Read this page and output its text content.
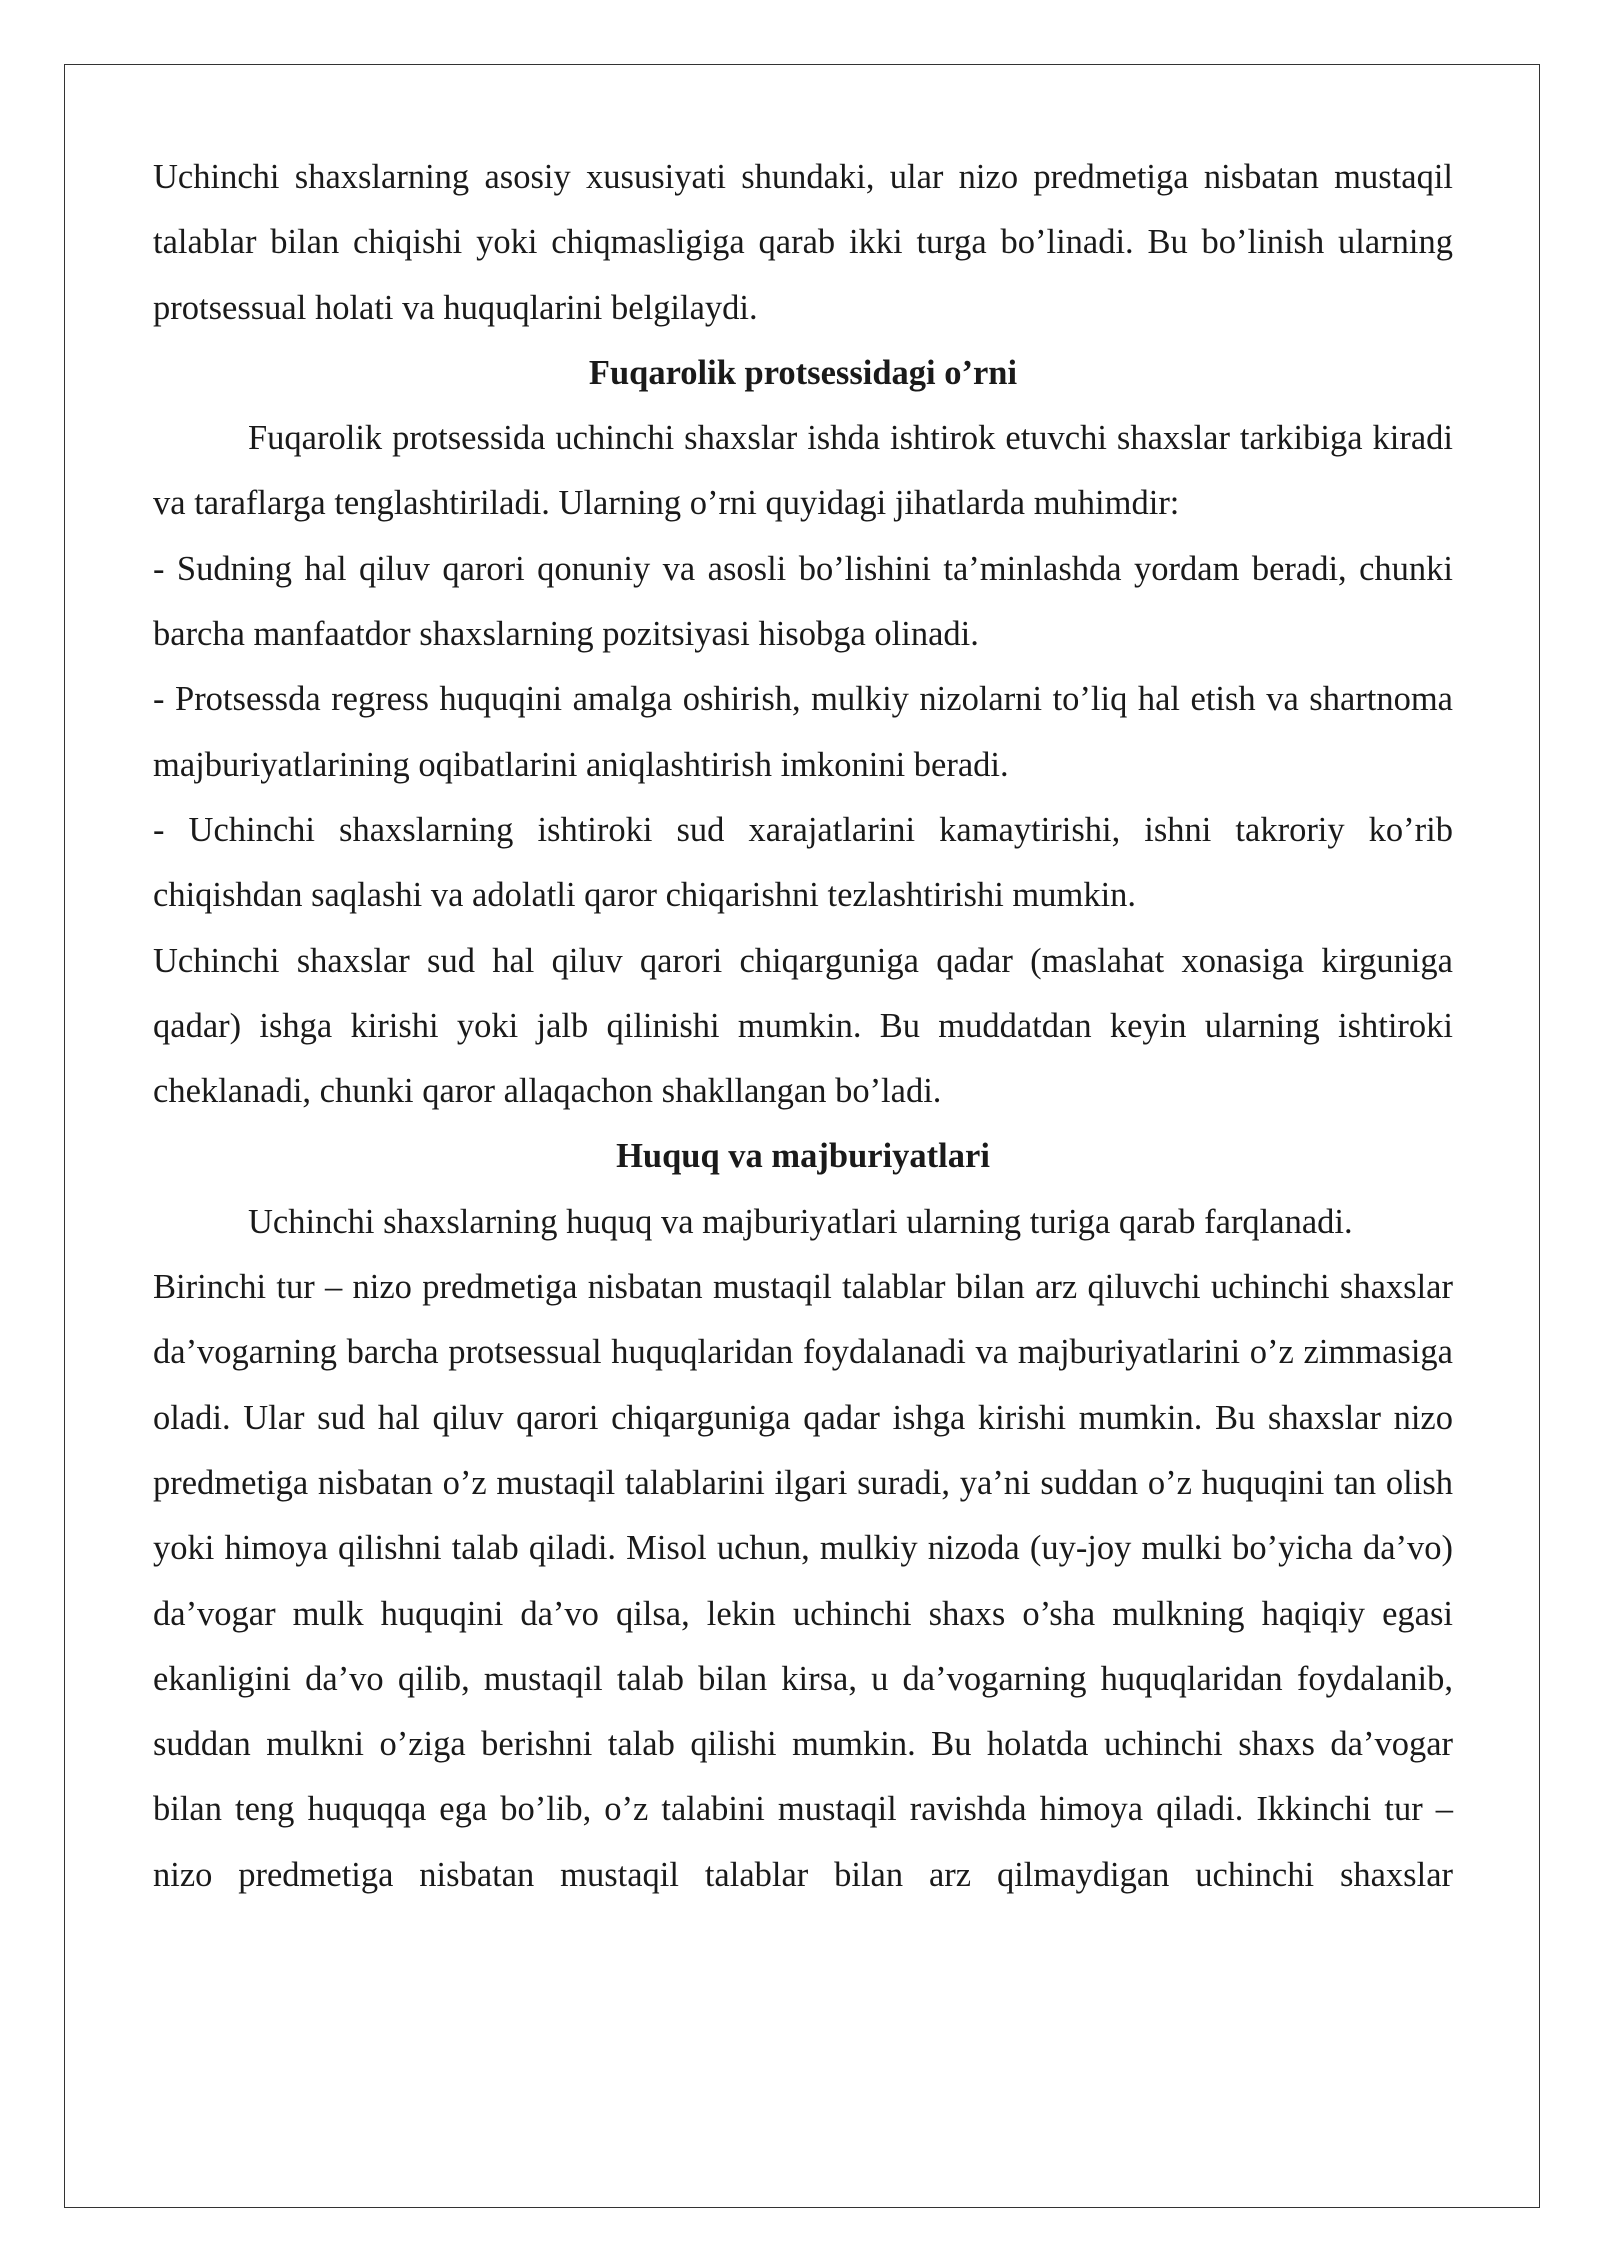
Uchinchi shaxslarning asosiy xususiyati shundaki, ular nizo predmetiga nisbatan mustaqil talablar bilan chiqishi yoki chiqmasligiga qarab ikki turga bo’linadi. Bu bo’linish ularning protsessual holati va huquqlarini belgilaydi.

Fuqarolik protsessidagi o’rni

Fuqarolik protsessida uchinchi shaxslar ishda ishtirok etuvchi shaxslar tarkibiga kiradi va taraflarga tenglashtiriladi. Ularning o’rni quyidagi jihatlarda muhimdir:

- Sudning hal qiluv qarori qonuniy va asosli bo’lishini ta’minlashda yordam beradi, chunki barcha manfaatdor shaxslarning pozitsiyasi hisobga olinadi.

- Protsessda regress huquqini amalga oshirish, mulkiy nizolarni to’liq hal etish va shartnoma majburiyatlarining oqibatlarini aniqlashtirish imkonini beradi.

- Uchinchi shaxslarning ishtiroki sud xarajatlarini kamaytirishi, ishni takroriy ko’rib chiqishdan saqlashi va adolatli qaror chiqarishni tezlashtirishi mumkin.

Uchinchi shaxslar sud hal qiluv qarori chiqarguniga qadar (maslahat xonasiga kirguniga qadar) ishga kirishi yoki jalb qilinishi mumkin. Bu muddatdan keyin ularning ishtiroki cheklanadi, chunki qaror allaqachon shakllangan bo’ladi.

Huquq va majburiyatlari

Uchinchi shaxslarning huquq va majburiyatlari ularning turiga qarab farqlanadi.

Birinchi tur – nizo predmetiga nisbatan mustaqil talablar bilan arz qiluvchi uchinchi shaxslar da’vogarning barcha protsessual huquqlaridan foydalanadi va majburiyatlarini o’z zimmasiga oladi. Ular sud hal qiluv qarori chiqarguniga qadar ishga kirishi mumkin. Bu shaxslar nizo predmetiga nisbatan o’z mustaqil talablarini ilgari suradi, ya’ni suddan o’z huquqini tan olish yoki himoya qilishni talab qiladi. Misol uchun, mulkiy nizoda (uy-joy mulki bo’yicha da’vo) da’vogar mulk huquqini da’vo qilsa, lekin uchinchi shaxs o’sha mulkning haqiqiy egasi ekanligini da’vo qilib, mustaqil talab bilan kirsa, u da’vogarning huquqlaridan foydalanib, suddan mulkni o’ziga berishni talab qilishi mumkin. Bu holatda uchinchi shaxs da’vogar bilan teng huquqqa ega bo’lib, o’z talabini mustaqil ravishda himoya qiladi. Ikkinchi tur – nizo predmetiga nisbatan mustaqil talablar bilan arz qilmaydigan uchinchi shaxslar
